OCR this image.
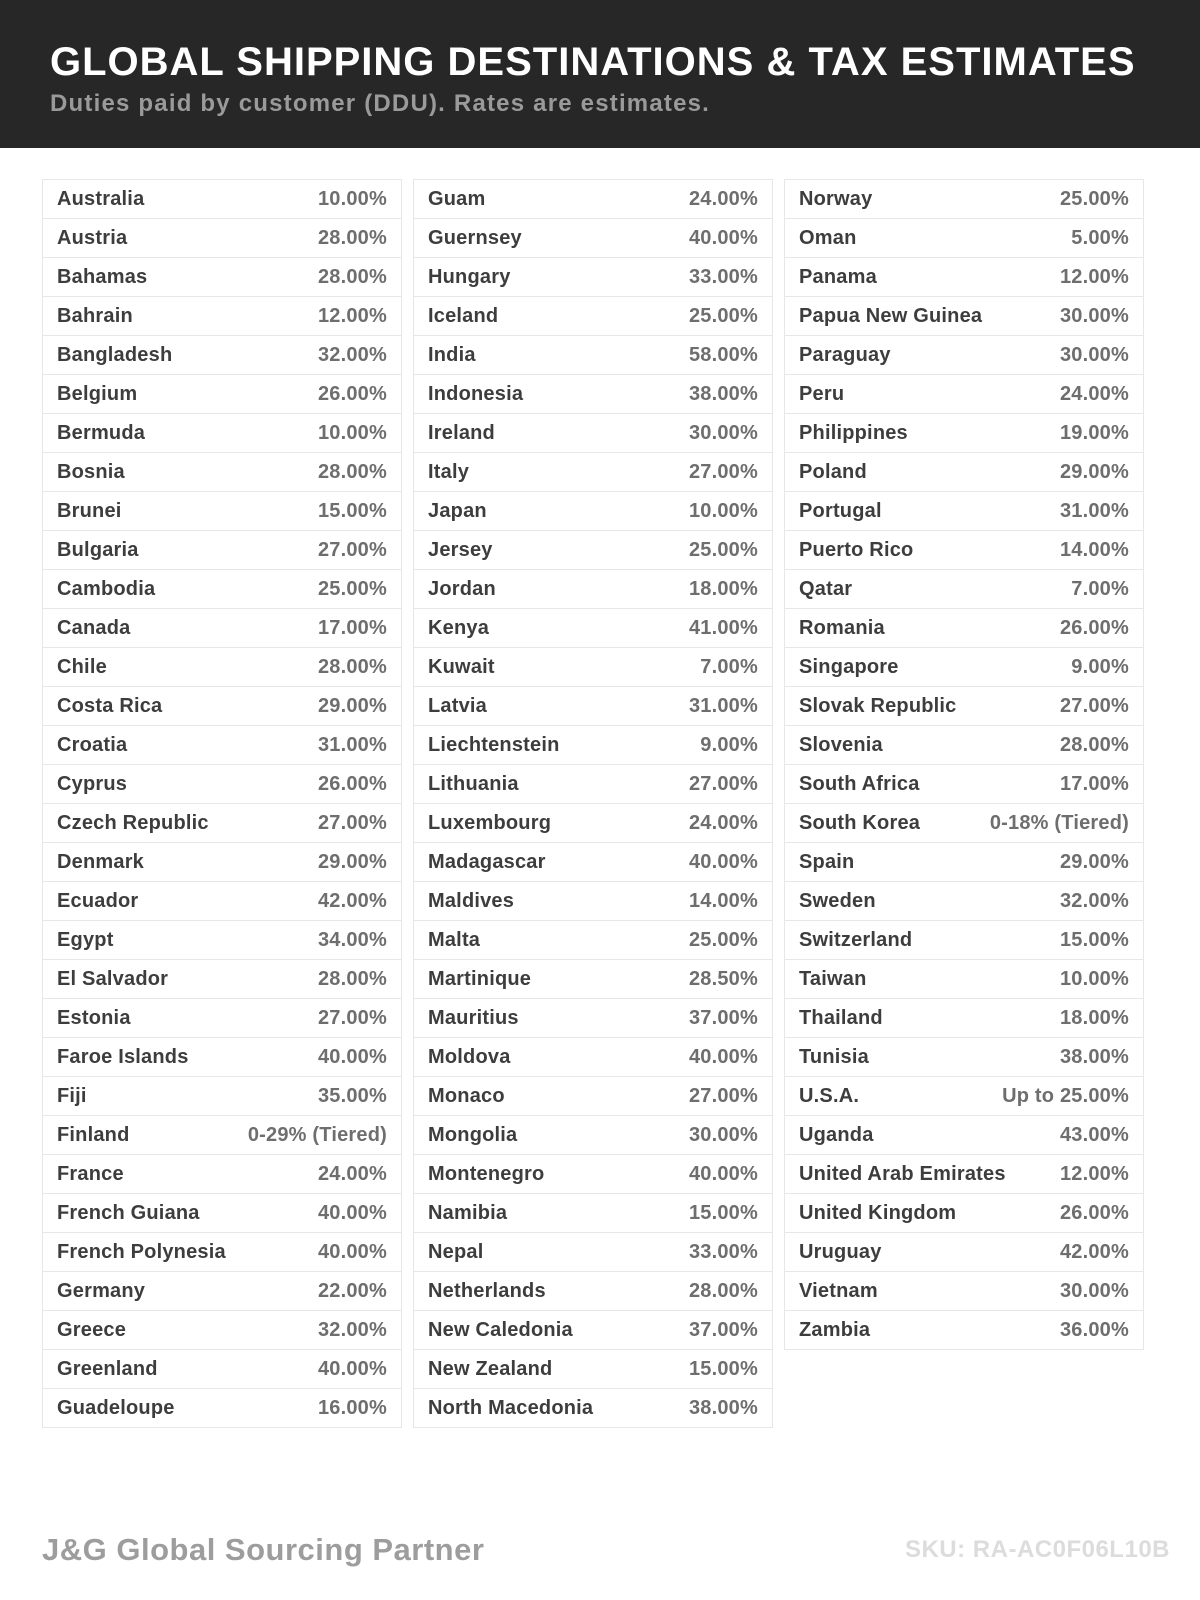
GLOBAL SHIPPING DESTINATIONS & TAX ESTIMATES
Duties paid by customer (DDU). Rates are estimates.
Australia	10.00%
Austria	28.00%
Bahamas	28.00%
Bahrain	12.00%
Bangladesh	32.00%
Belgium	26.00%
Bermuda	10.00%
Bosnia	28.00%
Brunei	15.00%
Bulgaria	27.00%
Cambodia	25.00%
Canada	17.00%
Chile	28.00%
Costa Rica	29.00%
Croatia	31.00%
Cyprus	26.00%
Czech Republic	27.00%
Denmark	29.00%
Ecuador	42.00%
Egypt	34.00%
El Salvador	28.00%
Estonia	27.00%
Faroe Islands	40.00%
Fiji	35.00%
Finland	0-29% (Tiered)
France	24.00%
French Guiana	40.00%
French Polynesia	40.00%
Germany	22.00%
Greece	32.00%
Greenland	40.00%
Guadeloupe	16.00%
Guam	24.00%
Guernsey	40.00%
Hungary	33.00%
Iceland	25.00%
India	58.00%
Indonesia	38.00%
Ireland	30.00%
Italy	27.00%
Japan	10.00%
Jersey	25.00%
Jordan	18.00%
Kenya	41.00%
Kuwait	7.00%
Latvia	31.00%
Liechtenstein	9.00%
Lithuania	27.00%
Luxembourg	24.00%
Madagascar	40.00%
Maldives	14.00%
Malta	25.00%
Martinique	28.50%
Mauritius	37.00%
Moldova	40.00%
Monaco	27.00%
Mongolia	30.00%
Montenegro	40.00%
Namibia	15.00%
Nepal	33.00%
Netherlands	28.00%
New Caledonia	37.00%
New Zealand	15.00%
North Macedonia	38.00%
Norway	25.00%
Oman	5.00%
Panama	12.00%
Papua New Guinea	30.00%
Paraguay	30.00%
Peru	24.00%
Philippines	19.00%
Poland	29.00%
Portugal	31.00%
Puerto Rico	14.00%
Qatar	7.00%
Romania	26.00%
Singapore	9.00%
Slovak Republic	27.00%
Slovenia	28.00%
South Africa	17.00%
South Korea	0-18% (Tiered)
Spain	29.00%
Sweden	32.00%
Switzerland	15.00%
Taiwan	10.00%
Thailand	18.00%
Tunisia	38.00%
U.S.A.	Up to 25.00%
Uganda	43.00%
United Arab Emirates	12.00%
United Kingdom	26.00%
Uruguay	42.00%
Vietnam	30.00%
Zambia	36.00%
J&G Global Sourcing Partner	SKU: RA-AC0F06L10B
